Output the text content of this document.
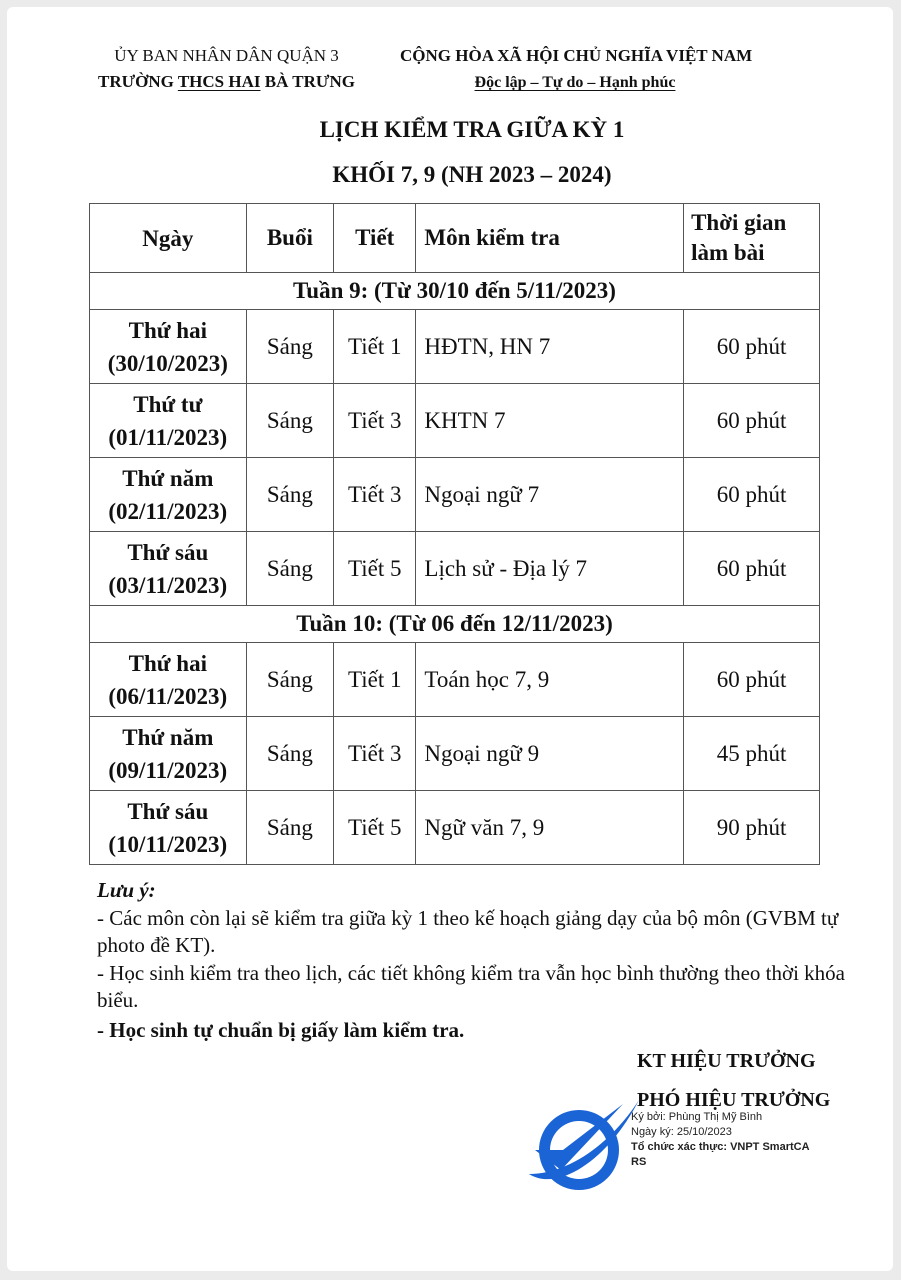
ỦY BAN NHÂN DÂN QUẬN 3
TRƯỜNG THCS HAI BÀ TRƯNG
CỘNG HÒA XÃ HỘI CHỦ NGHĨA VIỆT NAM
Độc lập – Tự do – Hạnh phúc
LỊCH KIỂM TRA GIỮA KỲ 1
KHỐI 7, 9 (NH 2023 – 2024)
Ngày	Buổi	Tiết	Môn kiểm tra	Thời gian
làm bài
Tuần 9: (Từ 30/10 đến 5/11/2023)				
Thứ hai
(30/10/2023)	Sáng	Tiết 1	HĐTN, HN 7	60 phút
Thứ tư
(01/11/2023)	Sáng	Tiết 3	KHTN 7	60 phút
Thứ năm
(02/11/2023)	Sáng	Tiết 3	Ngoại ngữ 7	60 phút
Thứ sáu
(03/11/2023)	Sáng	Tiết 5	Lịch sử - Địa lý 7	60 phút
Tuần 10: (Từ 06 đến 12/11/2023)				
Thứ hai
(06/11/2023)	Sáng	Tiết 1	Toán học 7, 9	60 phút
Thứ năm
(09/11/2023)	Sáng	Tiết 3	Ngoại ngữ 9	45 phút
Thứ sáu
(10/11/2023)	Sáng	Tiết 5	Ngữ văn 7, 9	90 phút
Lưu ý:
- Các môn còn lại sẽ kiểm tra giữa kỳ 1 theo kế hoạch giảng dạy của bộ môn (GVBM tự photo đề KT).
- Học sinh kiểm tra theo lịch, các tiết không kiểm tra vẫn học bình thường theo thời khóa biểu.
- Học sinh tự chuẩn bị giấy làm kiểm tra.
KT HIỆU TRƯỞNG
PHÓ HIỆU TRƯỞNG
Ký bởi: Phùng Thị Mỹ Bình
Ngày ký: 25/10/2023
Tổ chức xác thực: VNPT SmartCA
RS
